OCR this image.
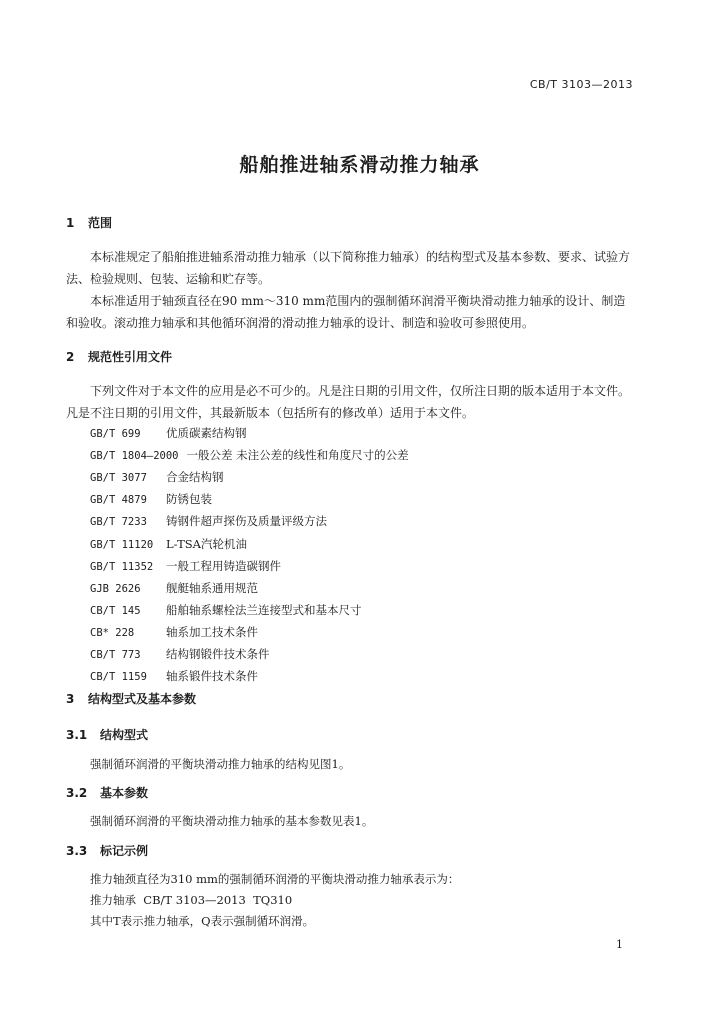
CB/T 3103—2013
船舶推进轴系滑动推力轴承
1 范围
本标准规定了船舶推进轴系滑动推力轴承（以下简称推力轴承）的结构型式及基本参数、要求、试验方法、检验规则、包装、运输和贮存等。
本标准适用于轴颈直径在90 mm～310 mm范围内的强制循环润滑平衡块滑动推力轴承的设计、制造和验收。滚动推力轴承和其他循环润滑的滑动推力轴承的设计、制造和验收可参照使用。
2 规范性引用文件
下列文件对于本文件的应用是必不可少的。凡是注日期的引用文件，仅所注日期的版本适用于本文件。凡是不注日期的引用文件，其最新版本（包括所有的修改单）适用于本文件。
GB/T 699 优质碳素结构钢
GB/T 1804—2000 一般公差 未注公差的线性和角度尺寸的公差
GB/T 3077 合金结构钢
GB/T 4879 防锈包装
GB/T 7233 铸钢件超声探伤及质量评级方法
GB/T 11120 L-TSA汽轮机油
GB/T 11352 一般工程用铸造碳钢件
GJB 2626 舰艇轴系通用规范
CB/T 145 船舶轴系螺栓法兰连接型式和基本尺寸
CB* 228	轴系加工技术条件
CB/T 773 结构钢锻件技术条件
CB/T 1159 轴系锻件技术条件
3 结构型式及基本参数
3.1 结构型式
强制循环润滑的平衡块滑动推力轴承的结构见图1。
3.2 基本参数
强制循环润滑的平衡块滑动推力轴承的基本参数见表1。
3.3 标记示例
推力轴颈直径为310 mm的强制循环润滑的平衡块滑动推力轴承表示为：
推力轴承  CB/T 3103—2013  TQ310
其中T表示推力轴承，Q表示强制循环润滑。
1
